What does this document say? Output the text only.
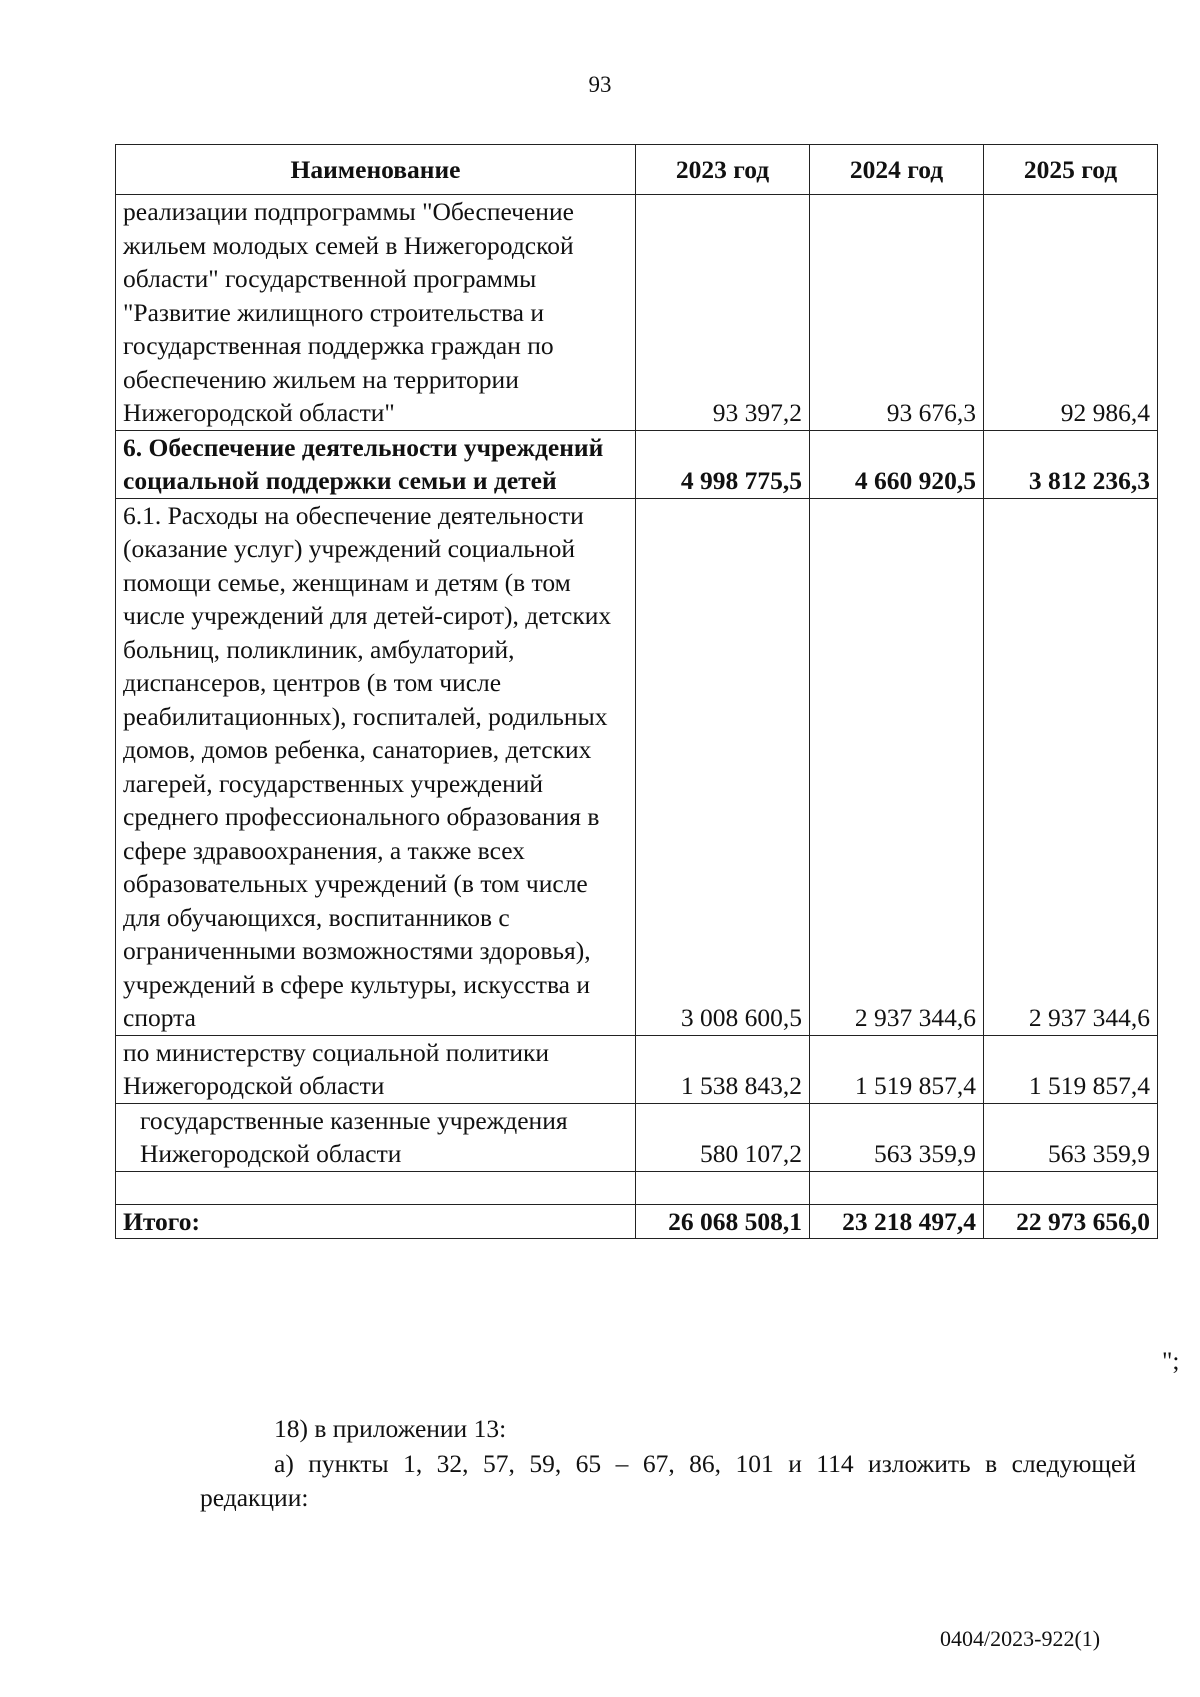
93
Наименование	2023 год	2024 год	2025 год
реализации подпрограммы "Обеспечение жильем молодых семей в Нижегородской области" государственной программы "Развитие жилищного строительства и государственная поддержка граждан по обеспечению жильем на территории Нижегородской области"	93 397,2	93 676,3	92 986,4
6. Обеспечение деятельности учреждений социальной поддержки семьи и детей	4 998 775,5	4 660 920,5	3 812 236,3
6.1. Расходы на обеспечение деятельности (оказание услуг) учреждений социальной помощи семье, женщинам и детям (в том числе учреждений для детей-сирот), детских больниц, поликлиник, амбулаторий, диспансеров, центров (в том числе реабилитационных), госпиталей, родильных домов, домов ребенка, санаториев, детских лагерей, государственных учреждений среднего профессионального образования в сфере здравоохранения, а также всех образовательных учреждений (в том числе для обучающихся, воспитанников с ограниченными возможностями здоровья), учреждений в сфере культуры, искусства и спорта	3 008 600,5	2 937 344,6	2 937 344,6
по министерству социальной политики Нижегородской области	1 538 843,2	1 519 857,4	1 519 857,4
государственные казенные учреждения Нижегородской области	580 107,2	563 359,9	563 359,9

Итого:	26 068 508,1	23 218 497,4	22 973 656,0
";
18) в приложении 13:
а) пункты 1, 32, 57, 59, 65 – 67, 86, 101 и 114 изложить в следующей
редакции:
0404/2023-922(1)
